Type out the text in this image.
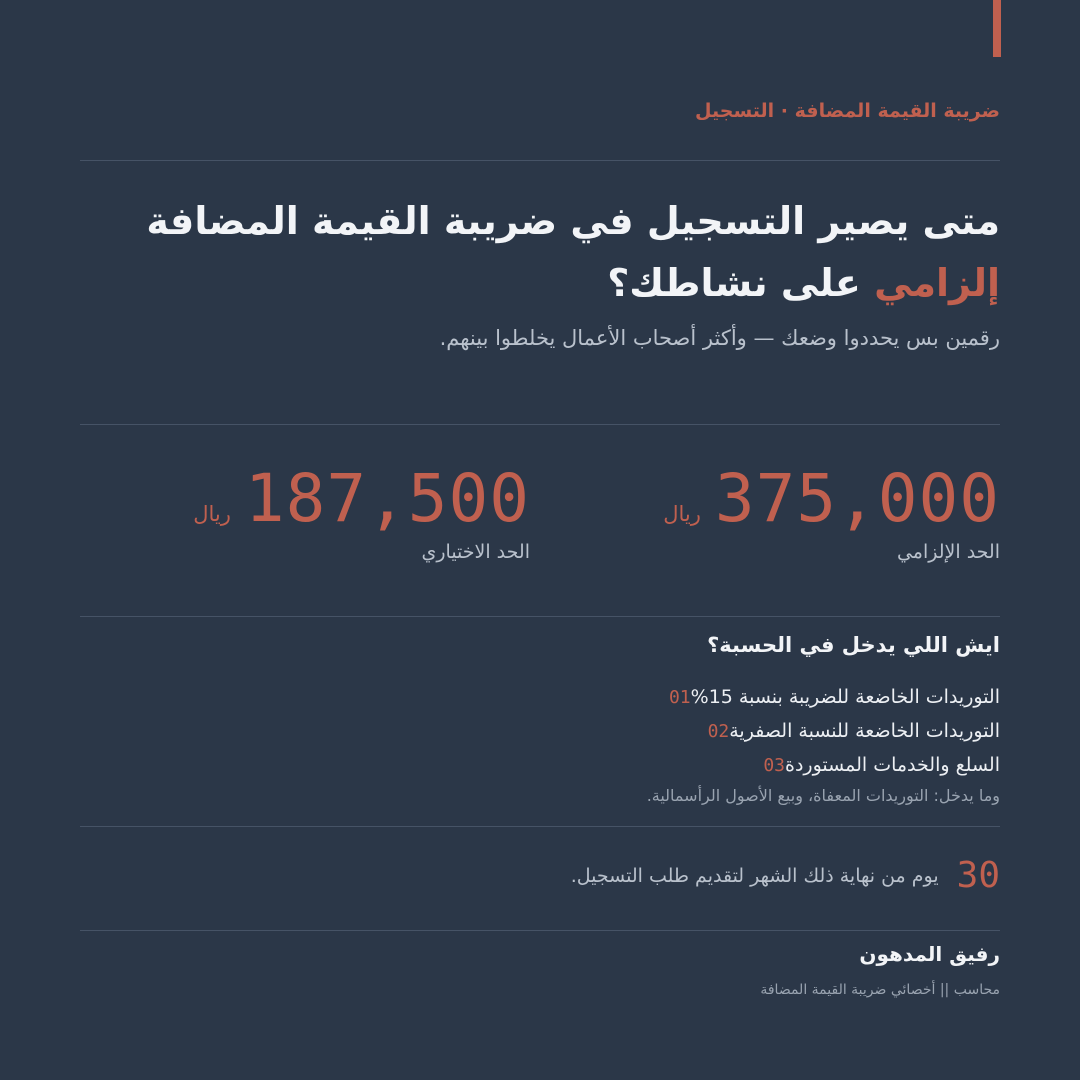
ضريبة القيمة المضافة · التسجيل
متى يصير التسجيل في ضريبة القيمة المضافة
إلزامي على نشاطك؟
رقمين بس يحددوا وضعك — وأكثر أصحاب الأعمال يخلطوا بينهم.
375,000
ريال
الحد الإلزامي
187,500
ريال
الحد الاختياري
ايش اللي يدخل في الحسبة؟
التوريدات الخاضعة للضريبة بنسبة 15%
01
التوريدات الخاضعة للنسبة الصفرية
02
السلع والخدمات المستوردة
03
وما يدخل: التوريدات المعفاة، وبيع الأصول الرأسمالية.
30
يوم من نهاية ذلك الشهر لتقديم طلب التسجيل.
رفيق المدهون
محاسب || أخصائي ضريبة القيمة المضافة
